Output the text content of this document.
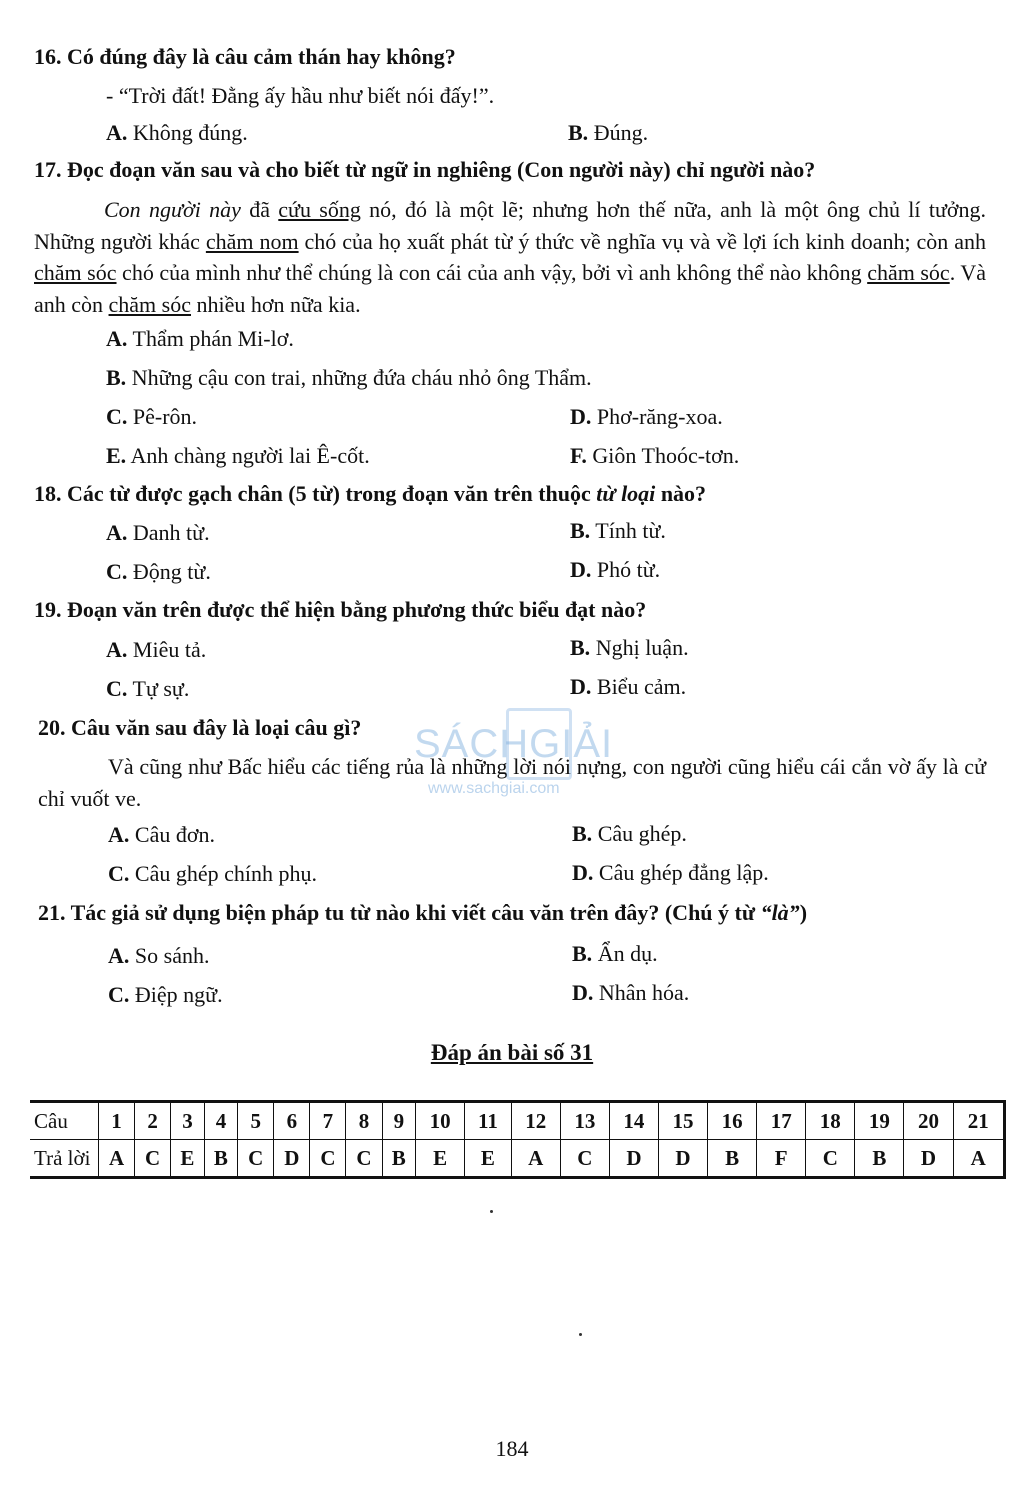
16. Có đúng đây là câu cảm thán hay không?
- “Trời đất! Đằng ấy hầu như biết nói đấy!”.
A. Không đúng.	B. Đúng.
17. Đọc đoạn văn sau và cho biết từ ngữ in nghiêng (Con người này) chỉ người nào?
Con người này đã cứu sống nó, đó là một lẽ; nhưng hơn thế nữa, anh là một ông chủ lí tưởng. Những người khác chăm nom chó của họ xuất phát từ ý thức về nghĩa vụ và về lợi ích kinh doanh; còn anh chăm sóc chó của mình như thể chúng là con cái của anh vậy, bởi vì anh không thể nào không chăm sóc. Và anh còn chăm sóc nhiều hơn nữa kia.
A. Thẩm phán Mi-lơ.
B. Những cậu con trai, những đứa cháu nhỏ ông Thẩm.
C. Pê-rôn.	D. Phơ-răng-xoa.
E. Anh chàng người lai Ê-cốt.	F. Giôn Thoóc-tơn.
18. Các từ được gạch chân (5 từ) trong đoạn văn trên thuộc từ loại nào?
A. Danh từ.	B. Tính từ.
C. Động từ.	D. Phó từ.
19. Đoạn văn trên được thể hiện bằng phương thức biểu đạt nào?
A. Miêu tả.	B. Nghị luận.
C. Tự sự.	D. Biểu cảm.
20. Câu văn sau đây là loại câu gì?
Và cũng như Bấc hiểu các tiếng rủa là những lời nói nựng, con người cũng hiểu cái cắn vờ ấy là cử chỉ vuốt ve.
A. Câu đơn.	B. Câu ghép.
C. Câu ghép chính phụ.	D. Câu ghép đẳng lập.
21. Tác giả sử dụng biện pháp tu từ nào khi viết câu văn trên đây? (Chú ý từ “là”)
A. So sánh.	B. Ẩn dụ.
C. Điệp ngữ.	D. Nhân hóa.
SÁCHGIẢI
www.sachgiai.com
Đáp án bài số 31
Câu	1	2	3	4	5	6	7	8	9	10	11	12	13	14	15	16	17	18	19	20	21
Trả lời	A	C	E	B	C	D	C	C	B	E	E	A	C	D	D	B	F	C	B	D	A
184
